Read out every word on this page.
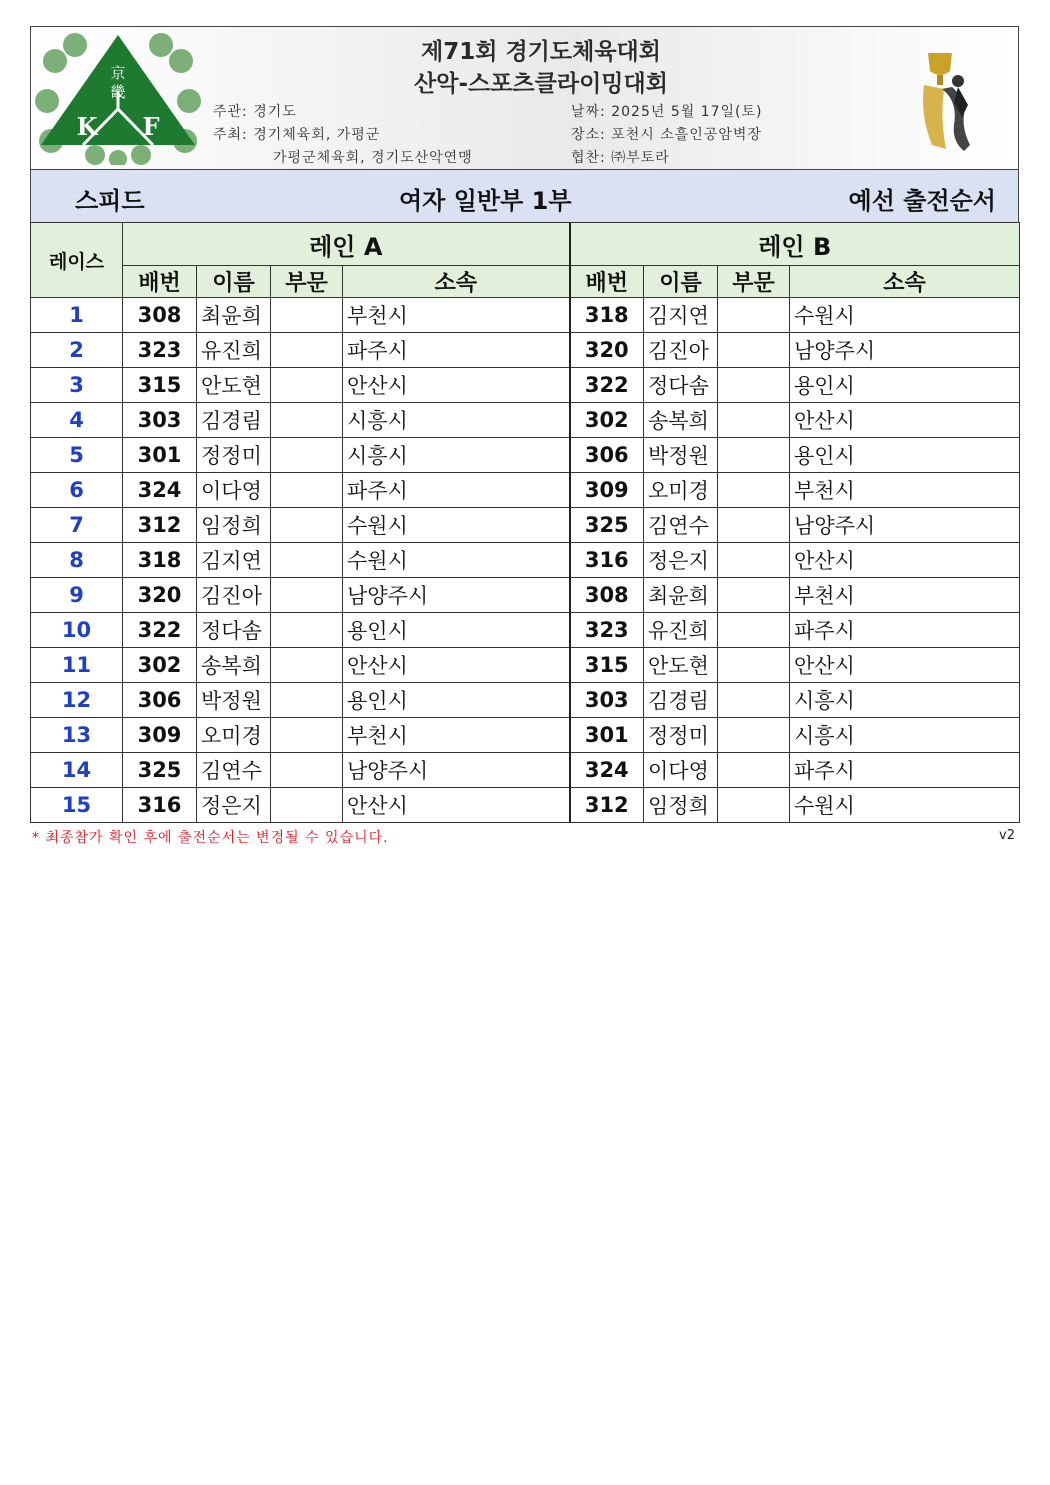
京
畿
K F
제71회 경기도체육대회
산악-스포츠클라이밍대회
주관: 경기도
주최: 경기체육회, 가평군
가평군체육회, 경기도산악연맹
날짜: 2025년 5월 17일(토)
장소: 포천시 소흘인공암벽장
협찬: ㈜부토라
스피드	여자 일반부 1부	예선 출전순서
레이스	레인 A				레인 B			
	배번	이름	부문	소속	배번	이름	부문	소속
1	308	최윤희		부천시	318	김지연		수원시
2	323	유진희		파주시	320	김진아		남양주시
3	315	안도현		안산시	322	정다솜		용인시
4	303	김경림		시흥시	302	송복희		안산시
5	301	정정미		시흥시	306	박정원		용인시
6	324	이다영		파주시	309	오미경		부천시
7	312	임정희		수원시	325	김연수		남양주시
8	318	김지연		수원시	316	정은지		안산시
9	320	김진아		남양주시	308	최윤희		부천시
10	322	정다솜		용인시	323	유진희		파주시
11	302	송복희		안산시	315	안도현		안산시
12	306	박정원		용인시	303	김경림		시흥시
13	309	오미경		부천시	301	정정미		시흥시
14	325	김연수		남양주시	324	이다영		파주시
15	316	정은지		안산시	312	임정희		수원시
* 최종참가 확인 후에 출전순서는 변경될 수 있습니다.	v2
